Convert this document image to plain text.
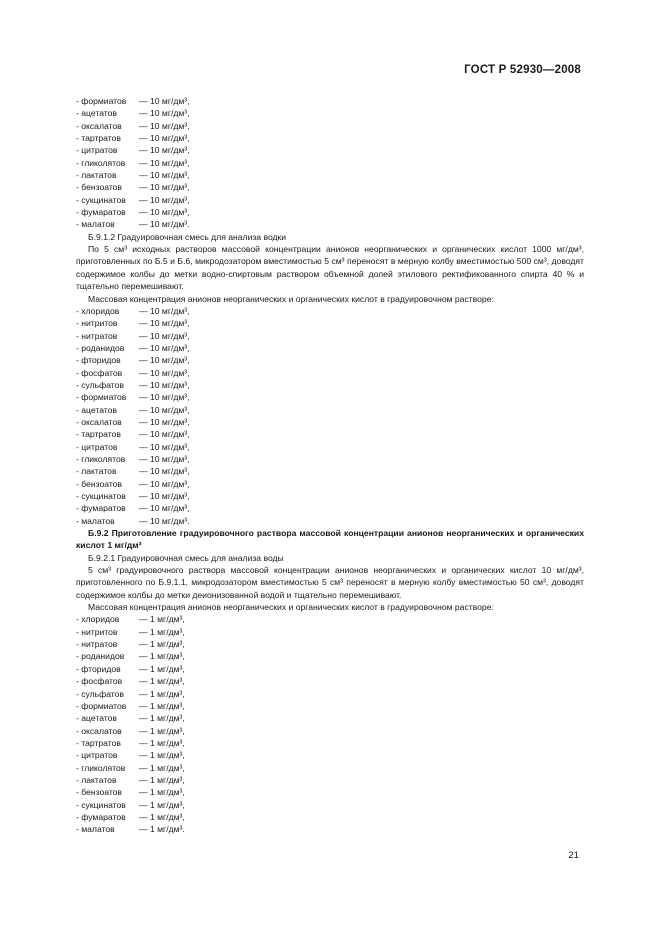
ГОСТ Р 52930—2008
- формиатов	— 10 мг/дм³,
- ацетатов	— 10 мг/дм³,
- оксалатов	— 10 мг/дм³,
- тартратов	— 10 мг/дм³,
- цитратов	— 10 мг/дм³,
- гликолятов	— 10 мг/дм³,
- лактатов	— 10 мг/дм³,
- бензоатов	— 10 мг/дм³,
- сукцинатов	— 10 мг/дм³,
- фумаратов	— 10 мг/дм³,
- малатов	— 10 мг/дм³.

Б.9.1.2 Градуировочная смесь для анализа водки

По 5 см³ исходных растворов массовой концентрации анионов неорганических и органических кислот 1000 мг/дм³, приготовленных по Б.5 и Б.6, микродозатором вместимостью 5 см³ переносят в мерную колбу вместимостью 500 см³, доводят содержимое колбы до метки водно-спиртовым раствором объемной долей этилового ректификованного спирта 40 % и тщательно перемешивают.

Массовая концентрация анионов неорганических и органических кислот в градуировочном растворе:

- хлоридов	— 10 мг/дм³,
- нитритов	— 10 мг/дм³,
- нитратов	— 10 мг/дм³,
- роданидов	— 10 мг/дм³,
- фторидов	— 10 мг/дм³,
- фосфатов	— 10 мг/дм³,
- сульфатов	— 10 мг/дм³,
- формиатов	— 10 мг/дм³,
- ацетатов	— 10 мг/дм³,
- оксалатов	— 10 мг/дм³,
- тартратов	— 10 мг/дм³,
- цитратов	— 10 мг/дм³,
- гликолятов	— 10 мг/дм³,
- лактатов	— 10 мг/дм³,
- бензоатов	— 10 мг/дм³,
- сукцинатов	— 10 мг/дм³,
- фумаратов	— 10 мг/дм³,
- малатов	— 10 мг/дм³.

Б.9.2 Приготовление градуировочного раствора массовой концентрации анионов неорганических и органических кислот 1 мг/дм³

Б.9.2.1 Градуировочная смесь для анализа воды

5 см³ градуировочного раствора массовой концентрации анионов неорганических и органических кислот 10 мг/дм³, приготовленного по Б.9.1.1, микродозатором вместимостью 5 см³ переносят в мерную колбу вместимостью 50 см³, доводят содержимое колбы до метки деионизованной водой и тщательно перемешивают.

Массовая концентрация анионов неорганических и органических кислот в градуировочном растворе:

- хлоридов	— 1 мг/дм³,
- нитритов	— 1 мг/дм³,
- нитратов	— 1 мг/дм³,
- роданидов	— 1 мг/дм³,
- фторидов	— 1 мг/дм³,
- фосфатов	— 1 мг/дм³,
- сульфатов	— 1 мг/дм³,
- формиатов	— 1 мг/дм³,
- ацетатов	— 1 мг/дм³,
- оксалатов	— 1 мг/дм³,
- тартратов	— 1 мг/дм³,
- цитратов	— 1 мг/дм³,
- гликолятов	— 1 мг/дм³,
- лактатов	— 1 мг/дм³,
- бензоатов	— 1 мг/дм³,
- сукцинатов	— 1 мг/дм³,
- фумаратов	— 1 мг/дм³,
- малатов	— 1 мг/дм³.
21
